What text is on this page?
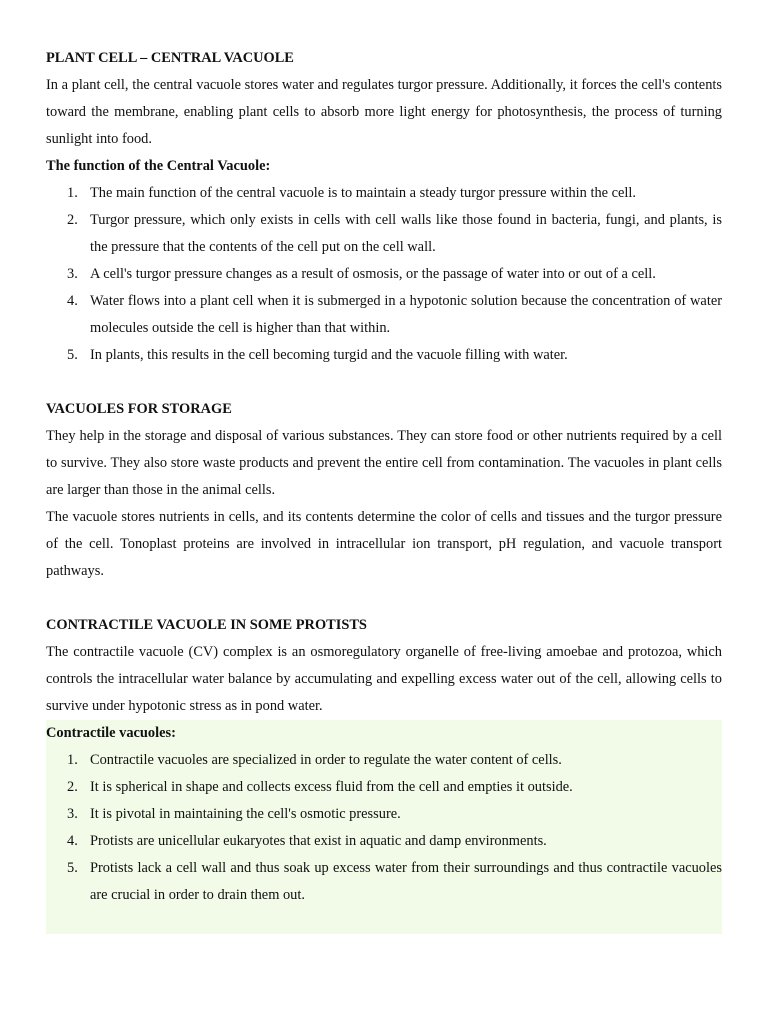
PLANT CELL – CENTRAL VACUOLE

In a plant cell, the central vacuole stores water and regulates turgor pressure. Additionally, it forces the cell's contents toward the membrane, enabling plant cells to absorb more light energy for photosynthesis, the process of turning sunlight into food.

The function of the Central Vacuole:

1. The main function of the central vacuole is to maintain a steady turgor pressure within the cell.
2. Turgor pressure, which only exists in cells with cell walls like those found in bacteria, fungi, and plants, is the pressure that the contents of the cell put on the cell wall.
3. A cell's turgor pressure changes as a result of osmosis, or the passage of water into or out of a cell.
4. Water flows into a plant cell when it is submerged in a hypotonic solution because the concentration of water molecules outside the cell is higher than that within.
5. In plants, this results in the cell becoming turgid and the vacuole filling with water.
VACUOLES FOR STORAGE

They help in the storage and disposal of various substances. They can store food or other nutrients required by a cell to survive. They also store waste products and prevent the entire cell from contamination. The vacuoles in plant cells are larger than those in the animal cells.

The vacuole stores nutrients in cells, and its contents determine the color of cells and tissues and the turgor pressure of the cell. Tonoplast proteins are involved in intracellular ion transport, pH regulation, and vacuole transport pathways.

CONTRACTILE VACUOLE IN SOME PROTISTS

The contractile vacuole (CV) complex is an osmoregulatory organelle of free-living amoebae and protozoa, which controls the intracellular water balance by accumulating and expelling excess water out of the cell, allowing cells to survive under hypotonic stress as in pond water.

Contractile vacuoles:

1. Contractile vacuoles are specialized in order to regulate the water content of cells.
2. It is spherical in shape and collects excess fluid from the cell and empties it outside.
3. It is pivotal in maintaining the cell's osmotic pressure.
4. Protists are unicellular eukaryotes that exist in aquatic and damp environments.
5. Protists lack a cell wall and thus soak up excess water from their surroundings and thus contractile vacuoles are crucial in order to drain them out.
